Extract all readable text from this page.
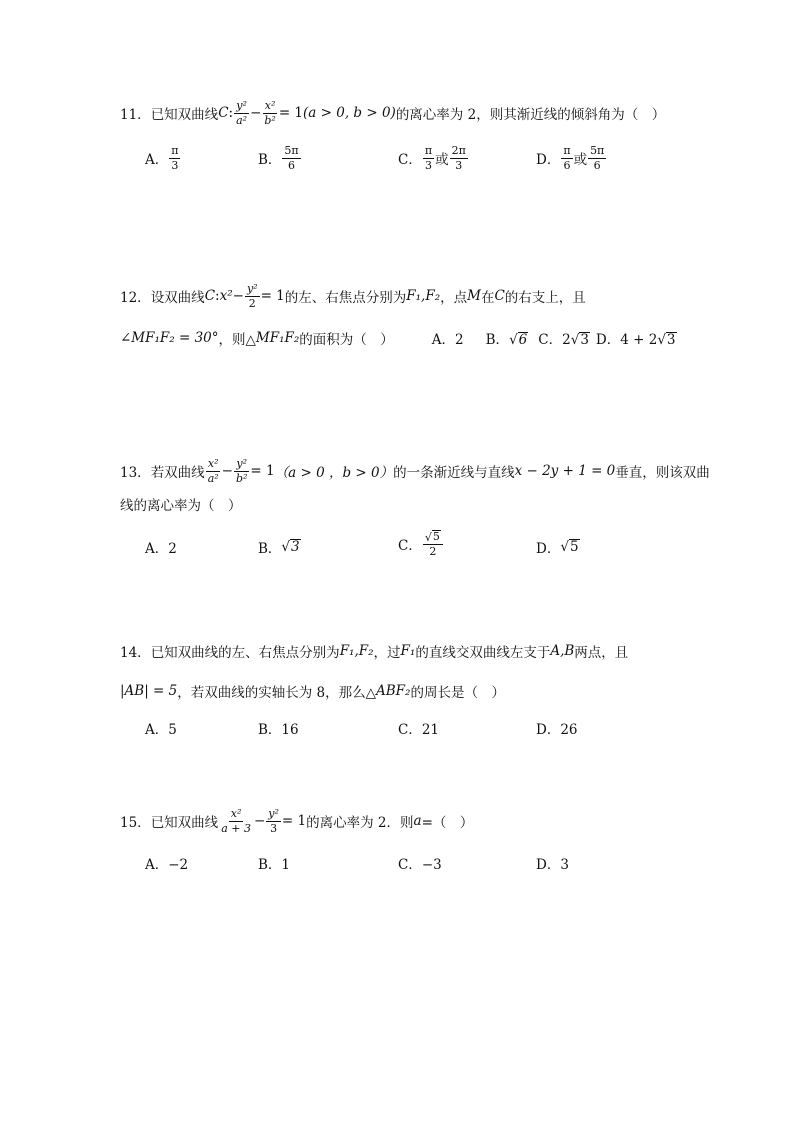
11． 已知双曲线 C : $\frac{\text{y²}}{\text{a²}} - \frac{\text{x²}}{\text{b²}} = 1$ (a > 0, b > 0) 的离心率为 2，则其渐近线的倾斜角为（　）
A． $\frac{\pi}{3}$	B． $\frac{5\pi}{6}$	C． $\frac{\pi}{3}$ 或 $\frac{2\pi}{3}$	D． $\frac{\pi}{6}$ 或 $\frac{5\pi}{6}$
12． 设双曲线 C : $x^2 - \frac{\text{y²}}{2} = 1$ 的左、右焦点分别为 F₁,F₂ ，点 M 在 C 的右支上，且
∠MF₁F₂ = 30° ，则△ MF₁F₂ 的面积为（　）	A．2 B． √ 6 C．2 √ 3 D．4 + 2 √ 3
13． 若双曲线 $\frac{\text{x²}}{\text{a²}} - \frac{\text{y²}}{\text{b²}} = 1$ （a > 0 ，b > 0） 的一条渐近线与直线 x − 2y + 1 = 0 垂直，则该双曲
线的离心率为（　）
A．2	B． √ 3	C． $\frac{√ 5}{2}$	D． √ 5
14． 已知双曲线的左、右焦点分别为 F₁,F₂ ，过 F₁ 的直线交双曲线左支于 A,B 两点，且
|AB| = 5 ，若双曲线的实轴长为 8，那么△ ABF₂ 的周长是（　）
A．5	B．16	C．21	D．26
15． 已知双曲线 $\frac{\text{x²}}{a + 3} - \frac{\text{y²}}{3} = 1$ 的离心率为 2．则 a =（　）
A．−2	B．1	C．−3	D．3
